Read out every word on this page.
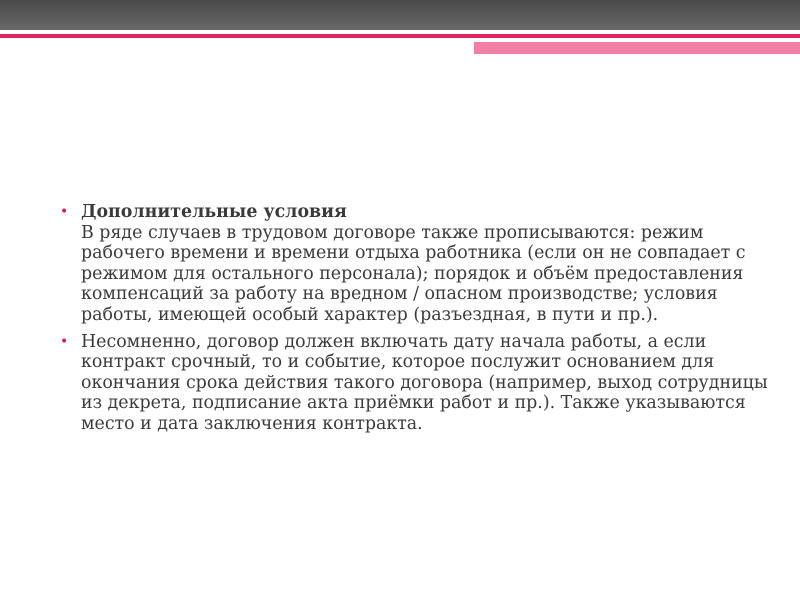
• Дополнительные условия
В ряде случаев в трудовом договоре также прописываются: режим рабочего времени и времени отдыха работника (если он не совпадает с режимом для остального персонала); порядок и объём предоставления компенсаций за работу на вредном / опасном производстве; условия работы, имеющей особый характер (разъездная, в пути и пр.).
• Несомненно, договор должен включать дату начала работы, а если контракт срочный, то и событие, которое послужит основанием для окончания срока действия такого договора (например, выход сотрудницы из декрета, подписание акта приёмки работ и пр.). Также указываются место и дата заключения контракта.
